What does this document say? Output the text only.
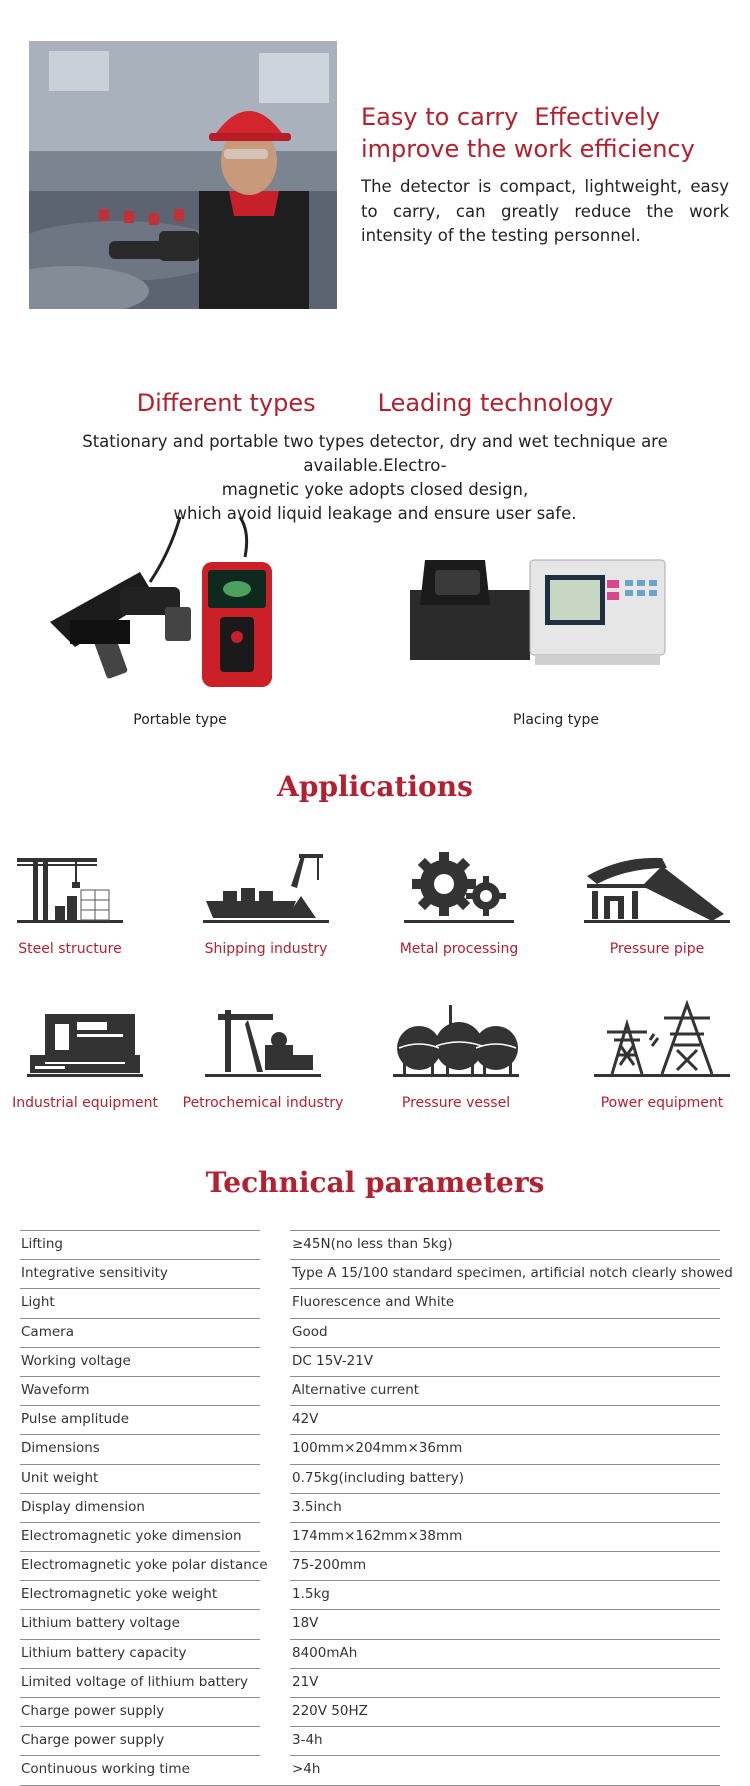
Easy to carry Effectively
improve the work efficiency
The detector is compact, lightweight, easy to carry, can greatly reduce the work intensity of the testing personnel.
Different types	Leading technology
Stationary and portable two types detector, dry and wet technique are available.Electro-
magnetic yoke adopts closed design,
which avoid liquid leakage and ensure user safe.
Portable type	Placing type
Applications
Steel structure	Shipping industry	Metal processing	Pressure pipe
Industrial equipment	Petrochemical industry	Pressure vessel	Power equipment
Technical parameters
Lifting	≥45N(no less than 5kg)
Integrative sensitivity	Type A 15/100 standard specimen, artificial notch clearly showed
Light	Fluorescence and White
Camera	Good
Working voltage	DC 15V-21V
Waveform	Alternative current
Pulse amplitude	42V
Dimensions	100mm×204mm×36mm
Unit weight	0.75kg(including battery)
Display dimension	3.5inch
Electromagnetic yoke dimension	174mm×162mm×38mm
Electromagnetic yoke polar distance 75-200mm
Electromagnetic yoke weight	1.5kg
Lithium battery voltage	18V
Lithium battery capacity	8400mAh
Limited voltage of lithium battery	21V
Charge power supply	220V 50HZ
Charge power supply	3-4h
Continuous working time	>4h
